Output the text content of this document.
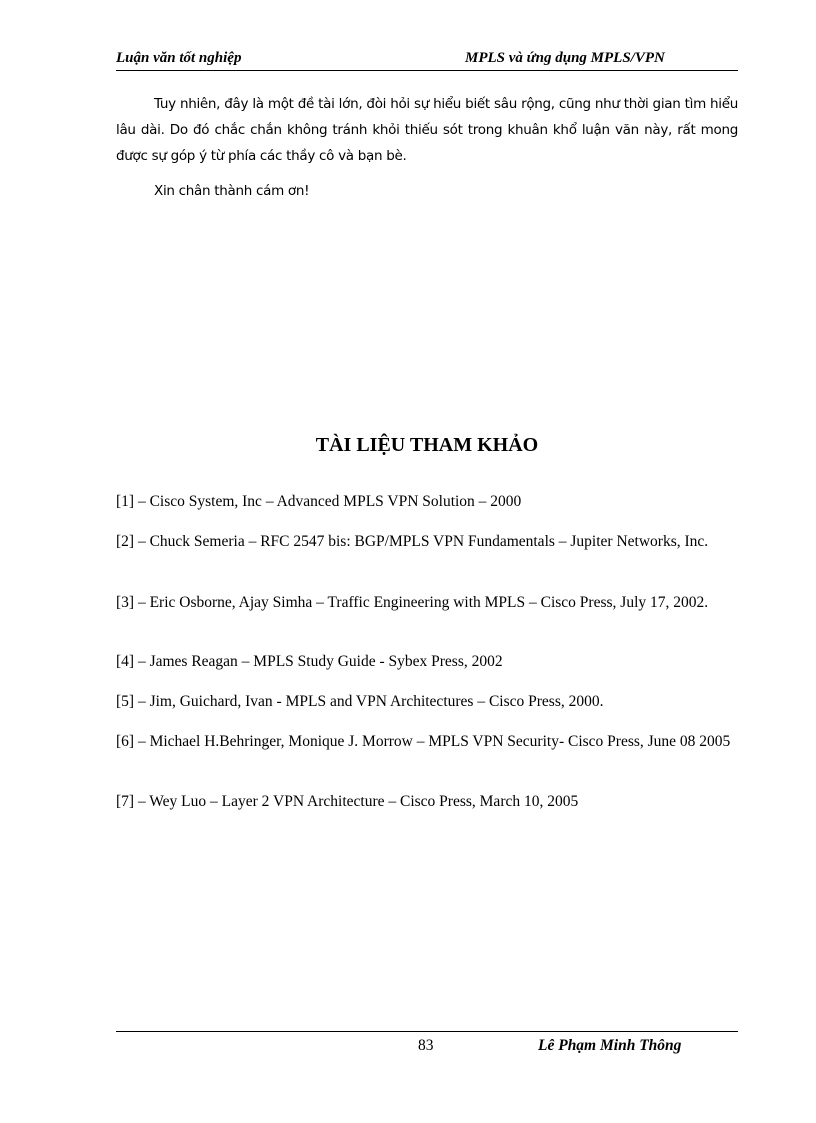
Luận văn tốt nghiệp	MPLS và ứng dụng MPLS/VPN

Tuy nhiên, đây là một đề tài lớn, đòi hỏi sự hiểu biết sâu rộng, cũng như thời gian tìm hiểu lâu dài. Do đó chắc chắn không tránh khỏi thiếu sót trong khuân khổ luận văn này, rất mong được sự góp ý từ phía các thầy cô và bạn bè.

Xin chân thành cám ơn!

TÀI LIỆU THAM KHẢO

[1] – Cisco System, Inc – Advanced MPLS VPN Solution – 2000

[2] – Chuck Semeria – RFC 2547 bis: BGP/MPLS VPN Fundamentals – Jupiter Networks, Inc.

[3] – Eric Osborne, Ajay Simha – Traffic Engineering with MPLS – Cisco Press, July 17, 2002.

[4] – James Reagan – MPLS Study Guide - Sybex Press, 2002

[5] – Jim, Guichard, Ivan - MPLS and VPN Architectures – Cisco Press, 2000.

[6] – Michael H.Behringer, Monique J. Morrow – MPLS VPN Security- Cisco Press, June 08 2005

[7] – Wey Luo – Layer 2 VPN Architecture – Cisco Press, March 10, 2005

83	Lê Phạm Minh Thông
